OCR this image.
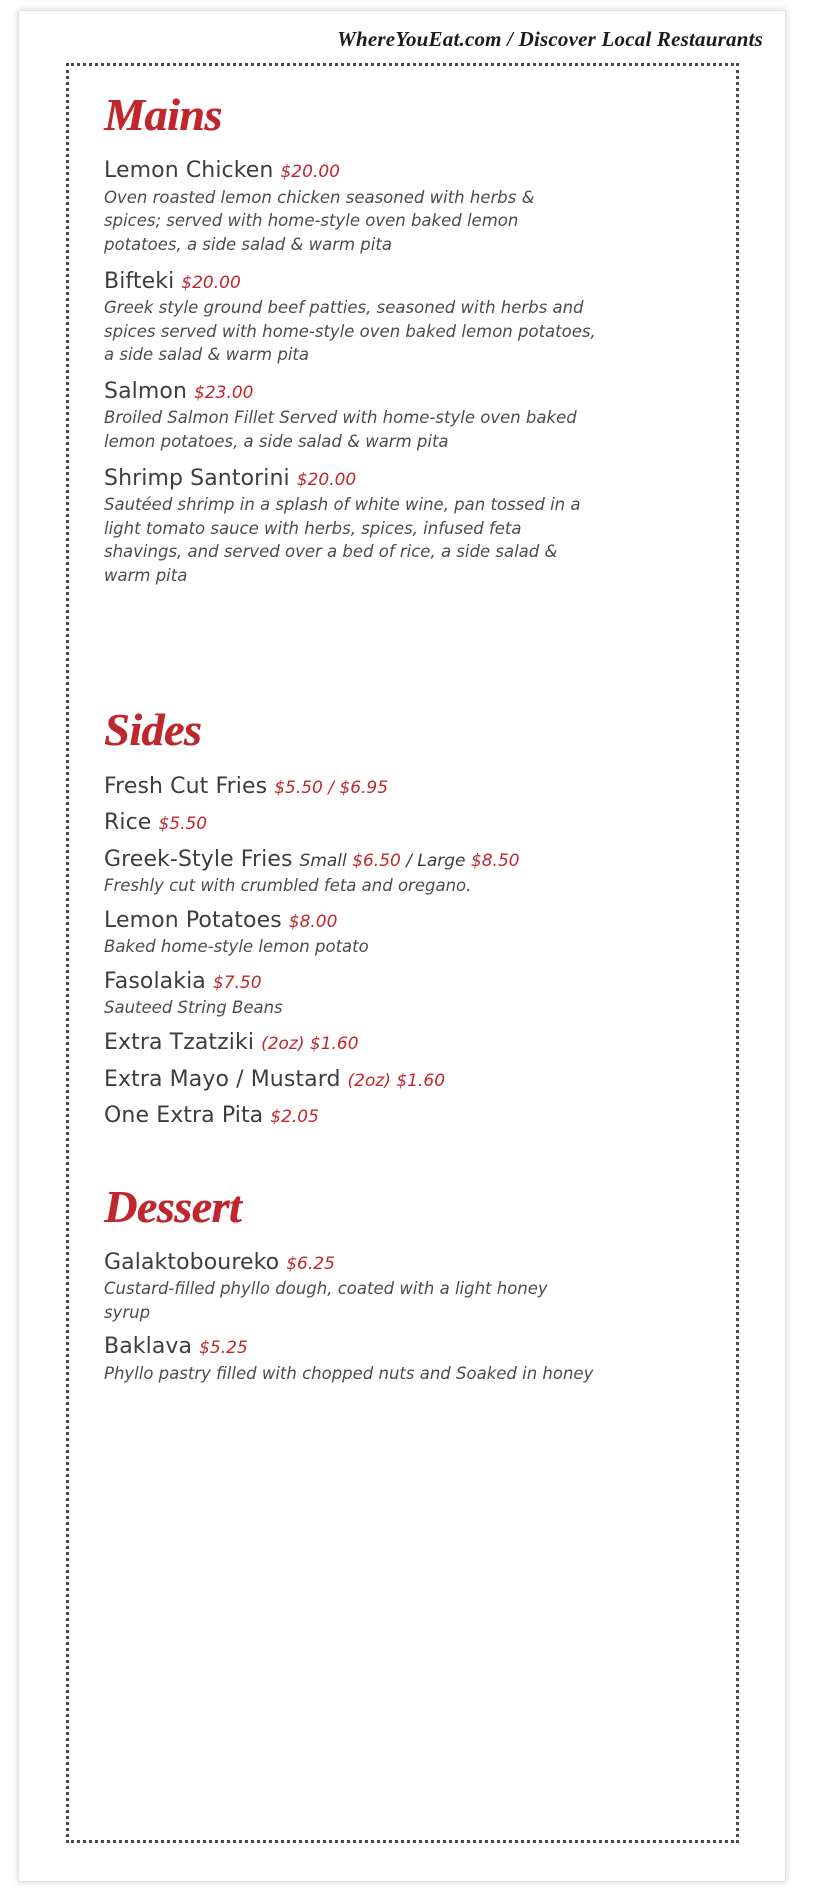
WhereYouEat.com / Discover Local Restaurants
Mains
Lemon Chicken $20.00

Oven roasted lemon chicken seasoned with herbs & spices; served with home-style oven baked lemon potatoes, a side salad & warm pita

Bifteki $20.00

Greek style ground beef patties, seasoned with herbs and spices served with home-style oven baked lemon potatoes, a side salad & warm pita

Salmon $23.00

Broiled Salmon Fillet Served with home-style oven baked lemon potatoes, a side salad & warm pita

Shrimp Santorini $20.00

Sautéed shrimp in a splash of white wine, pan tossed in a light tomato sauce with herbs, spices, infused feta shavings, and served over a bed of rice, a side salad & warm pita

Sides
Fresh Cut Fries $5.50 / $6.95
Rice $5.50
Greek-Style Fries Small $6.50 / Large $8.50

Freshly cut with crumbled feta and oregano.

Lemon Potatoes $8.00

Baked home-style lemon potato

Fasolakia $7.50

Sauteed String Beans

Extra Tzatziki (2oz) $1.60
Extra Mayo / Mustard (2oz) $1.60
One Extra Pita $2.05
Dessert
Galaktoboureko $6.25

Custard-filled phyllo dough, coated with a light honey syrup

Baklava $5.25

Phyllo pastry filled with chopped nuts and Soaked in honey
